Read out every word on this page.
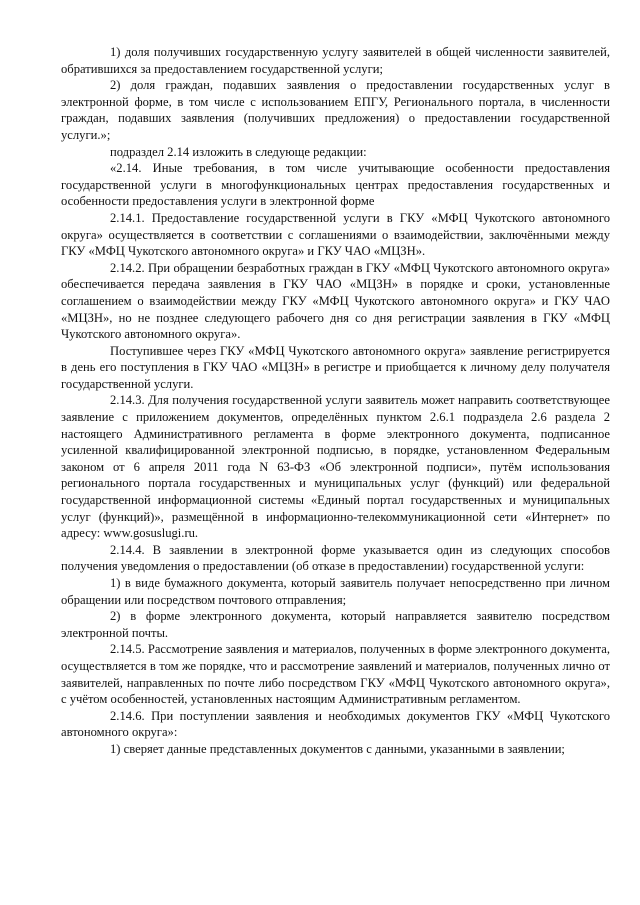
1) доля получивших государственную услугу заявителей в общей численности заявителей, обратившихся за предоставлением государственной услуги;

2) доля граждан, подавших заявления о предоставлении государственных услуг в электронной форме, в том числе с использованием ЕПГУ, Регионального портала, в численности граждан, подавших заявления (получивших предложения) о предоставлении государственной услуги.»;

подраздел 2.14 изложить в следующе редакции:

«2.14. Иные требования, в том числе учитывающие особенности предоставления государственной услуги в многофункциональных центрах предоставления государственных и особенности предоставления услуги в электронной форме

2.14.1. Предоставление государственной услуги в ГКУ «МФЦ Чукотского автономного округа» осуществляется в соответствии с соглашениями о взаимодействии, заключёнными между ГКУ «МФЦ Чукотского автономного округа» и ГКУ ЧАО «МЦЗН».

2.14.2. При обращении безработных граждан в ГКУ «МФЦ Чукотского автономного округа» обеспечивается передача заявления в ГКУ ЧАО «МЦЗН» в порядке и сроки, установленные соглашением о взаимодействии между ГКУ «МФЦ Чукотского автономного округа» и ГКУ ЧАО «МЦЗН», но не позднее следующего рабочего дня со дня регистрации заявления в ГКУ «МФЦ Чукотского автономного округа».

Поступившее через ГКУ «МФЦ Чукотского автономного округа» заявление регистрируется в день его поступления в ГКУ ЧАО «МЦЗН» в регистре и приобщается к личному делу получателя государственной услуги.

2.14.3. Для получения государственной услуги заявитель может направить соответствующее заявление с приложением документов, определённых пунктом 2.6.1 подраздела 2.6 раздела 2 настоящего Административного регламента в форме электронного документа, подписанное усиленной квалифицированной электронной подписью, в порядке, установленном Федеральным законом от 6 апреля 2011 года N 63-ФЗ «Об электронной подписи», путём использования регионального портала государственных и муниципальных услуг (функций) или федеральной государственной информационной системы «Единый портал государственных и муниципальных услуг (функций)», размещённой в информационно-телекоммуникационной сети «Интернет» по адресу: www.gosuslugi.ru.

2.14.4. В заявлении в электронной форме указывается один из следующих способов получения уведомления о предоставлении (об отказе в предоставлении) государственной услуги:

1) в виде бумажного документа, который заявитель получает непосредственно при личном обращении или посредством почтового отправления;

2) в форме электронного документа, который направляется заявителю посредством электронной почты.

2.14.5. Рассмотрение заявления и материалов, полученных в форме электронного документа, осуществляется в том же порядке, что и рассмотрение заявлений и материалов, полученных лично от заявителей, направленных по почте либо посредством ГКУ «МФЦ Чукотского автономного округа», с учётом особенностей, установленных настоящим Административным регламентом.

2.14.6. При поступлении заявления и необходимых документов ГКУ «МФЦ Чукотского автономного округа»:

1) сверяет данные представленных документов с данными, указанными в заявлении;
